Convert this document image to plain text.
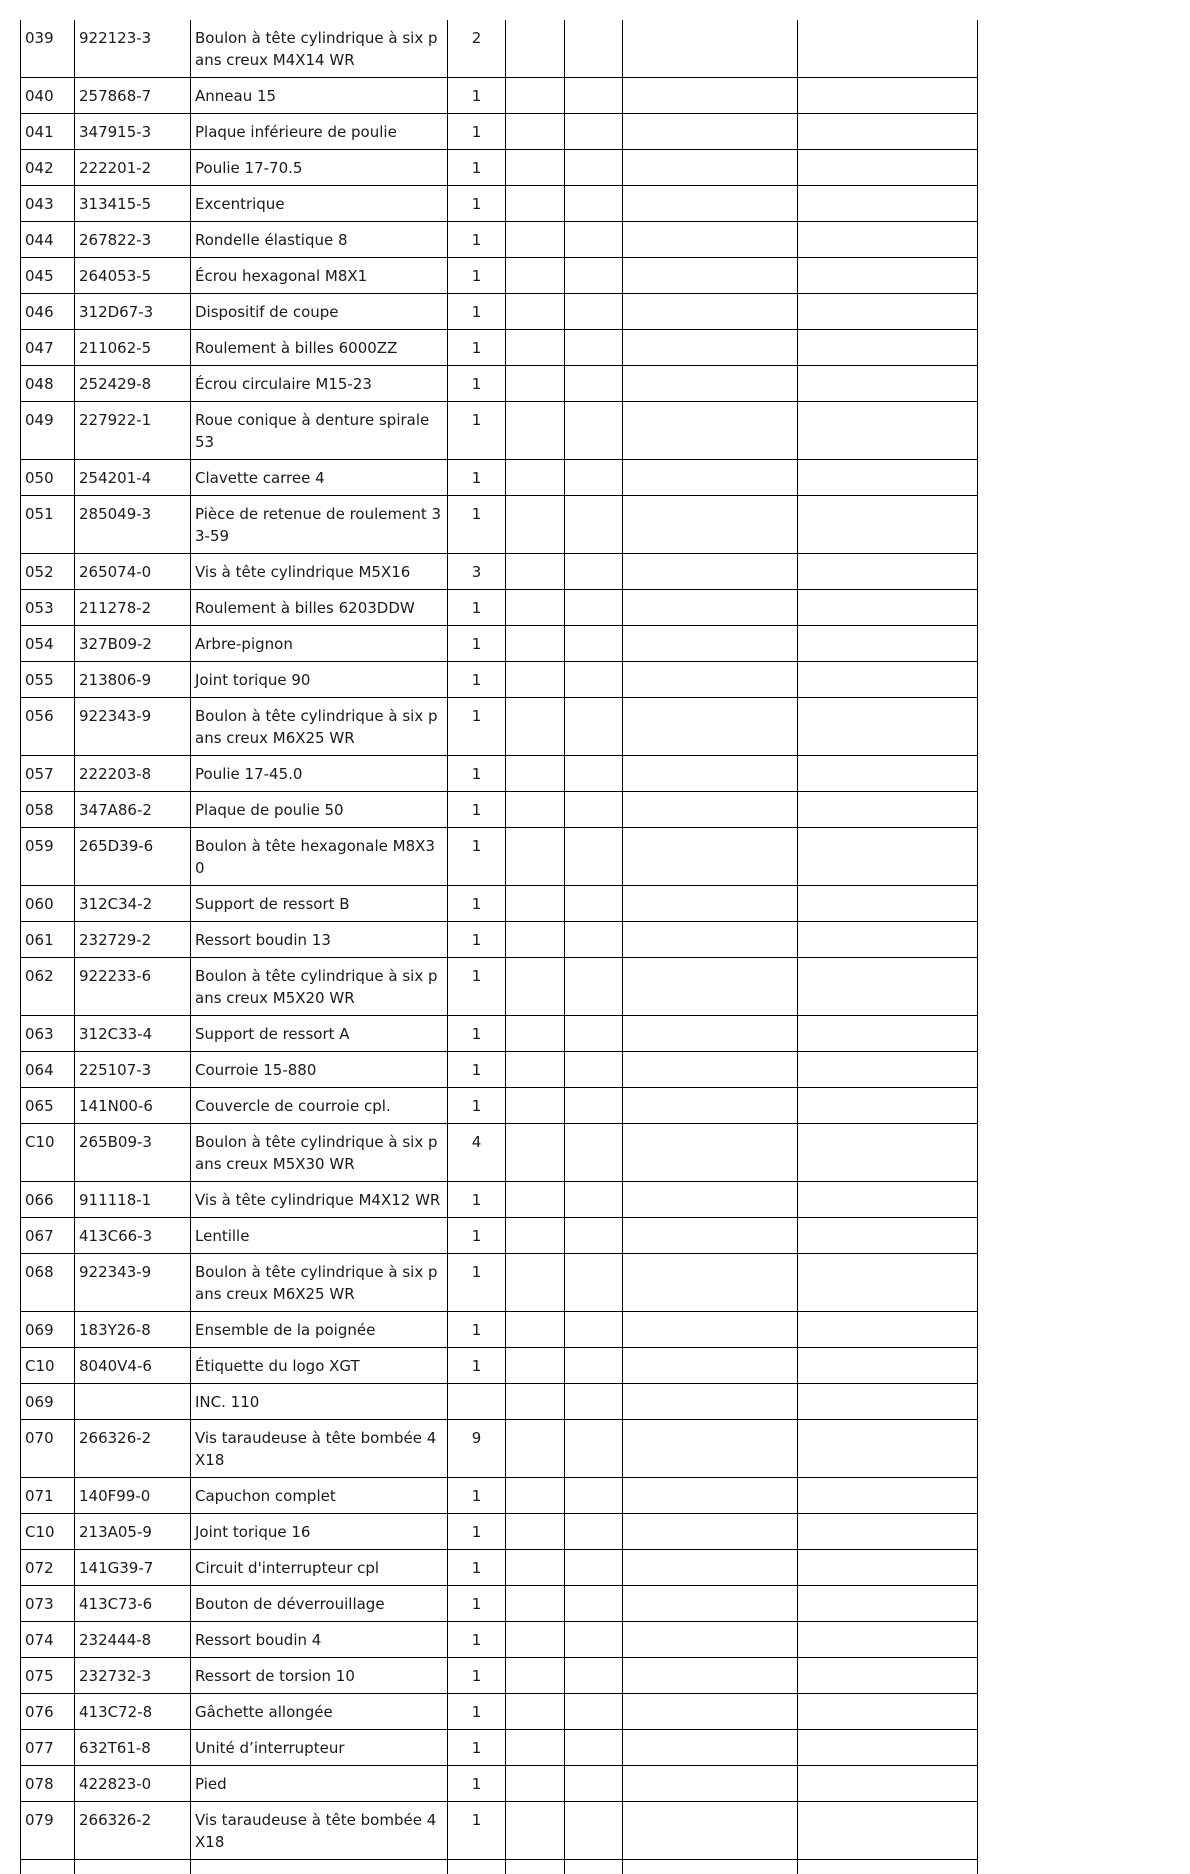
039	922123-3	Boulon à tête cylindrique à six pans creux M4X14 WR	2				
040	257868-7	Anneau 15	1				
041	347915-3	Plaque inférieure de poulie	1				
042	222201-2	Poulie 17-70.5	1				
043	313415-5	Excentrique	1				
044	267822-3	Rondelle élastique 8	1				
045	264053-5	Écrou hexagonal M8X1	1				
046	312D67-3	Dispositif de coupe	1				
047	211062-5	Roulement à billes 6000ZZ	1				
048	252429-8	Écrou circulaire M15-23	1				
049	227922-1	Roue conique à denture spirale 53	1				
050	254201-4	Clavette carree 4	1				
051	285049-3	Pièce de retenue de roulement 33-59	1				
052	265074-0	Vis à tête cylindrique M5X16	3				
053	211278-2	Roulement à billes 6203DDW	1				
054	327B09-2	Arbre-pignon	1				
055	213806-9	Joint torique 90	1				
056	922343-9	Boulon à tête cylindrique à six pans creux M6X25 WR	1				
057	222203-8	Poulie 17-45.0	1				
058	347A86-2	Plaque de poulie 50	1				
059	265D39-6	Boulon à tête hexagonale M8X30	1				
060	312C34-2	Support de ressort B	1				
061	232729-2	Ressort boudin 13	1				
062	922233-6	Boulon à tête cylindrique à six pans creux M5X20 WR	1				
063	312C33-4	Support de ressort A	1				
064	225107-3	Courroie 15-880	1				
065	141N00-6	Couvercle de courroie cpl.	1				
C10	265B09-3	Boulon à tête cylindrique à six pans creux M5X30 WR	4				
066	911118-1	Vis à tête cylindrique M4X12 WR	1				
067	413C66-3	Lentille	1				
068	922343-9	Boulon à tête cylindrique à six pans creux M6X25 WR	1				
069	183Y26-8	Ensemble de la poignée	1				
C10	8040V4-6	Étiquette du logo XGT	1				
069		INC. 110					
070	266326-2	Vis taraudeuse à tête bombée 4X18	9				
071	140F99-0	Capuchon complet	1				
C10	213A05-9	Joint torique 16	1				
072	141G39-7	Circuit d'interrupteur cpl	1				
073	413C73-6	Bouton de déverrouillage	1				
074	232444-8	Ressort boudin 4	1				
075	232732-3	Ressort de torsion 10	1				
076	413C72-8	Gâchette allongée	1				
077	632T61-8	Unité d’interrupteur	1				
078	422823-0	Pied	1				
079	266326-2	Vis taraudeuse à tête bombée 4X18	1				
